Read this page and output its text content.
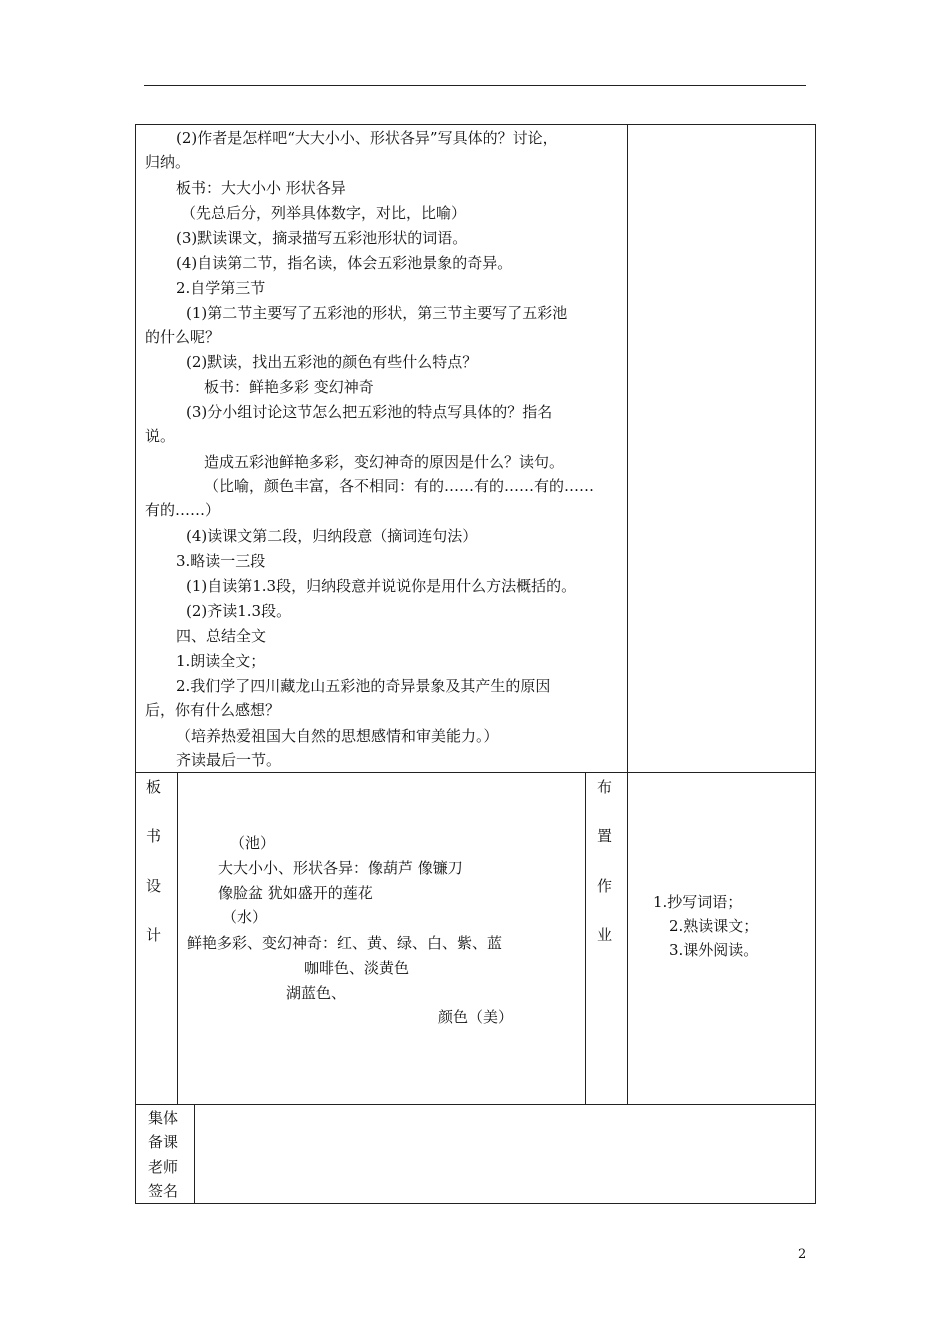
(2)作者是怎样吧“大大小小、形状各异”写具体的？讨论，
归纳。
板书：大大小小 形状各异
（先总后分，列举具体数字，对比，比喻）
(3)默读课文，摘录描写五彩池形状的词语。
(4)自读第二节，指名读，体会五彩池景象的奇异。
2.自学第三节
(1)第二节主要写了五彩池的形状，第三节主要写了五彩池
的什么呢？
(2)默读，找出五彩池的颜色有些什么特点？
板书：鲜艳多彩 变幻神奇
(3)分小组讨论这节怎么把五彩池的特点写具体的？指名
说。
造成五彩池鲜艳多彩，变幻神奇的原因是什么？读句。
（比喻，颜色丰富，各不相同：有的……有的……有的……
有的……）
(4)读课文第二段，归纳段意（摘词连句法）
3.略读一三段
(1)自读第1.3段，归纳段意并说说你是用什么方法概括的。
(2)齐读1.3段。
四、总结全文
1.朗读全文；
2.我们学了四川藏龙山五彩池的奇异景象及其产生的原因
后，你有什么感想？
（培养热爱祖国大自然的思想感情和审美能力。）
齐读最后一节。
板
书
设
计
（池）
大大小小、形状各异：像葫芦 像镰刀
像脸盆 犹如盛开的莲花
（水）
鲜艳多彩、变幻神奇：红、黄、绿、白、紫、蓝
咖啡色、淡黄色
湖蓝色、
颜色（美）
布
置
作
业
1.抄写词语；
2.熟读课文；
3.课外阅读。
集体
备课
老师
签名
2
